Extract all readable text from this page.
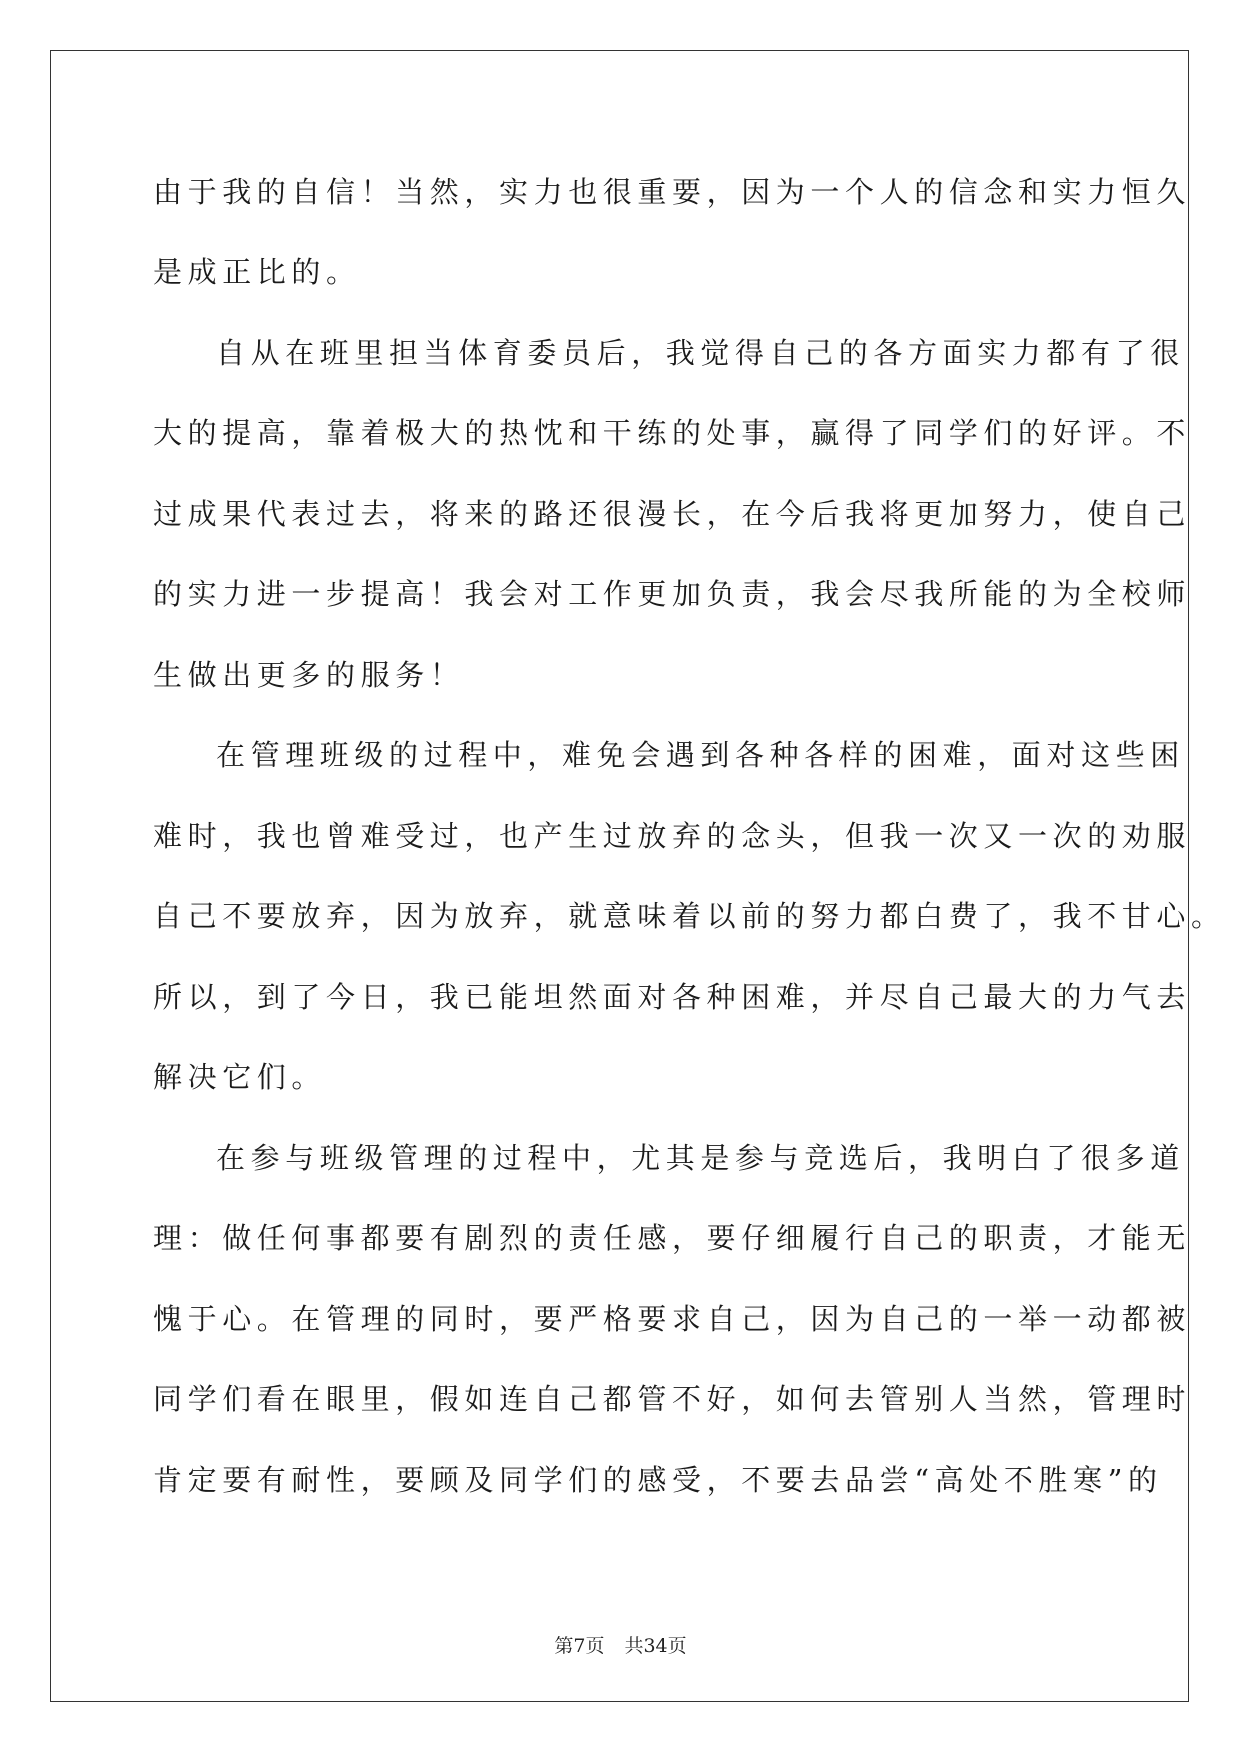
由于我的自信！当然，实力也很重要，因为一个人的信念和实力恒久
是成正比的。
自从在班里担当体育委员后，我觉得自己的各方面实力都有了很
大的提高，靠着极大的热忱和干练的处事，赢得了同学们的好评。不
过成果代表过去，将来的路还很漫长，在今后我将更加努力，使自己
的实力进一步提高！我会对工作更加负责，我会尽我所能的为全校师
生做出更多的服务！
在管理班级的过程中，难免会遇到各种各样的困难，面对这些困
难时，我也曾难受过，也产生过放弃的念头，但我一次又一次的劝服
自己不要放弃，因为放弃，就意味着以前的努力都白费了，我不甘心。
所以，到了今日，我已能坦然面对各种困难，并尽自己最大的力气去
解决它们。
在参与班级管理的过程中，尤其是参与竞选后，我明白了很多道
理：做任何事都要有剧烈的责任感，要仔细履行自己的职责，才能无
愧于心。在管理的同时，要严格要求自己，因为自己的一举一动都被
同学们看在眼里，假如连自己都管不好，如何去管别人当然，管理时
肯定要有耐性，要顾及同学们的感受，不要去品尝“高处不胜寒”的
第7页 共34页
